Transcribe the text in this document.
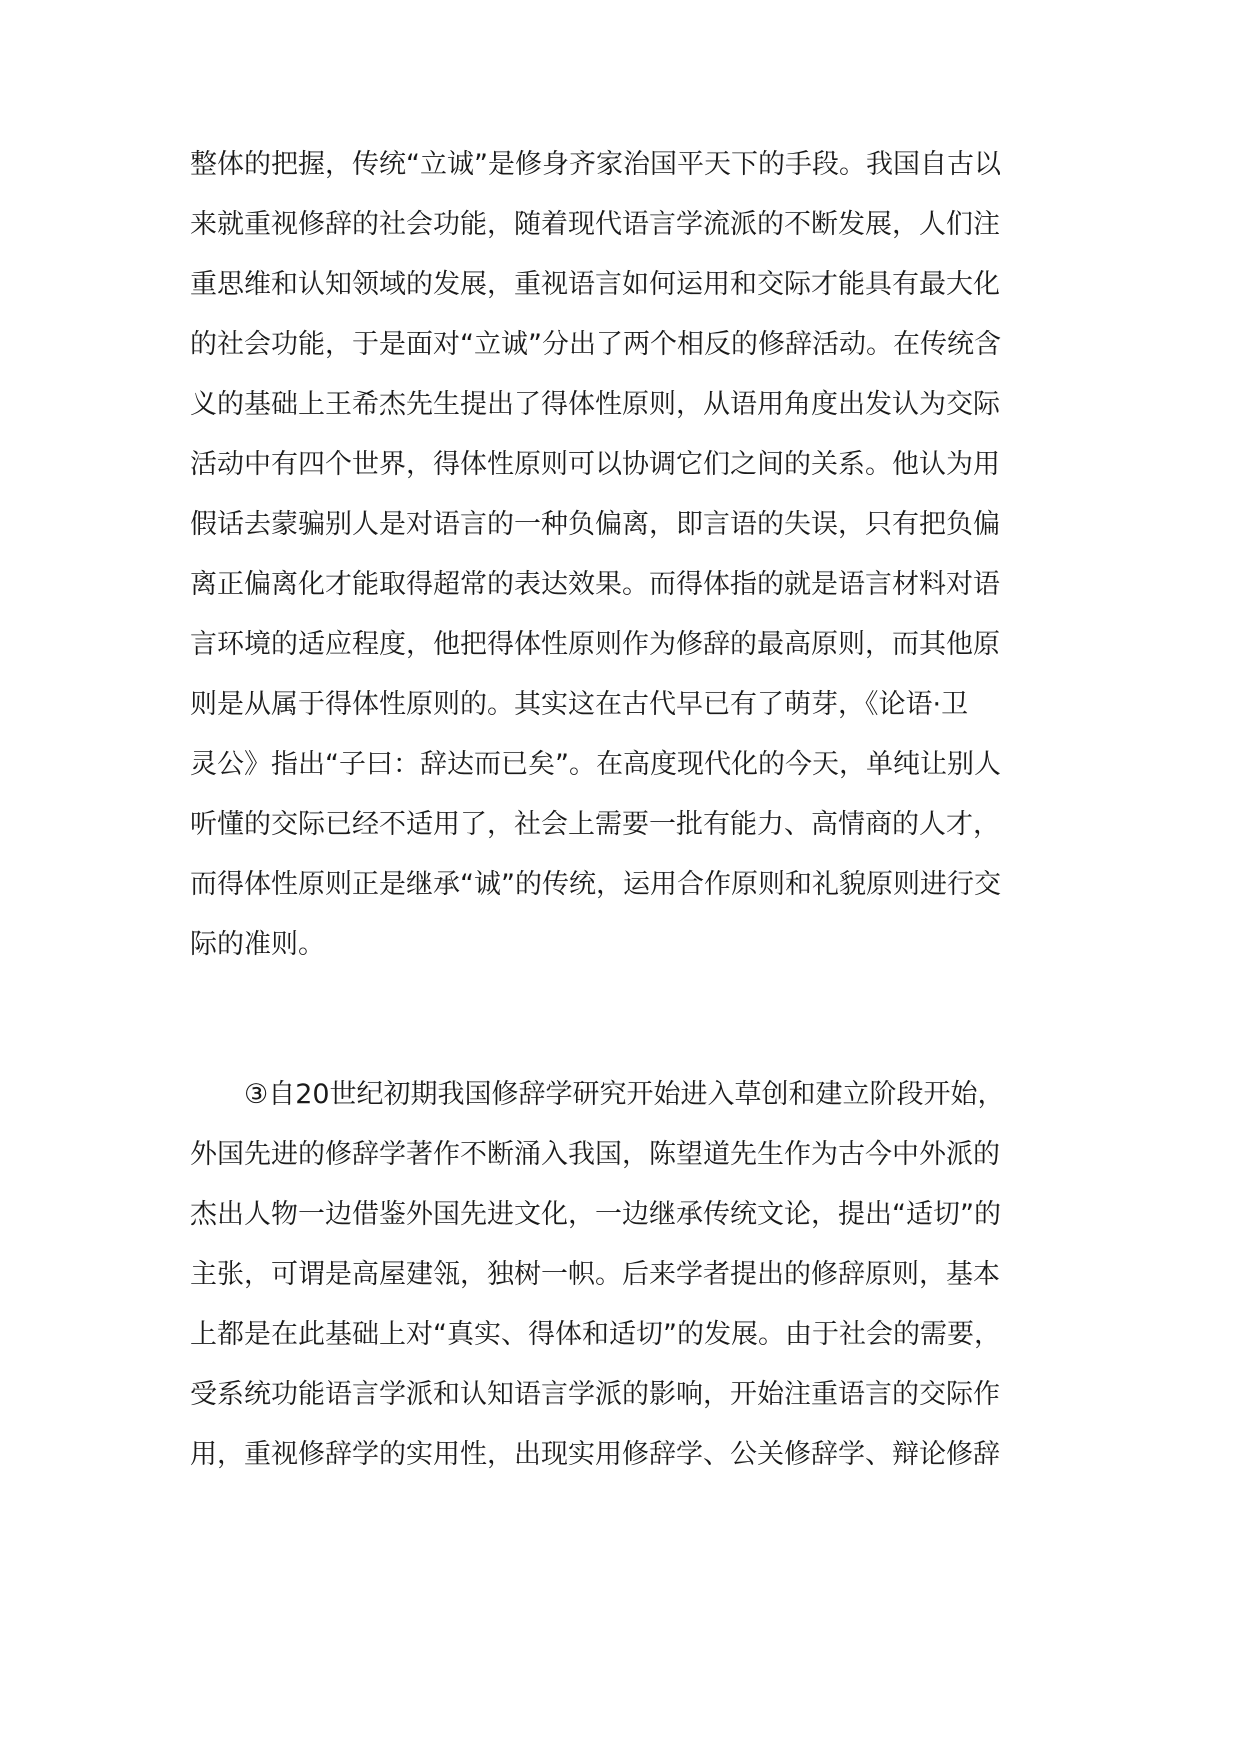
整体的把握，传统“立诚”是修身齐家治国平天下的手段。我国自古以
来就重视修辞的社会功能，随着现代语言学流派的不断发展，人们注
重思维和认知领域的发展，重视语言如何运用和交际才能具有最大化
的社会功能，于是面对“立诚”分出了两个相反的修辞活动。在传统含
义的基础上王希杰先生提出了得体性原则，从语用角度出发认为交际
活动中有四个世界，得体性原则可以协调它们之间的关系。他认为用
假话去蒙骗别人是对语言的一种负偏离，即言语的失误，只有把负偏
离正偏离化才能取得超常的表达效果。而得体指的就是语言材料对语
言环境的适应程度，他把得体性原则作为修辞的最高原则，而其他原
则是从属于得体性原则的。其实这在古代早已有了萌芽，《论语·卫
灵公》指出“子曰：辞达而已矣”。在高度现代化的今天，单纯让别人
听懂的交际已经不适用了，社会上需要一批有能力、高情商的人才，
而得体性原则正是继承“诚”的传统，运用合作原则和礼貌原则进行交
际的准则。
③自20世纪初期我国修辞学研究开始进入草创和建立阶段开始，
外国先进的修辞学著作不断涌入我国，陈望道先生作为古今中外派的
杰出人物一边借鉴外国先进文化，一边继承传统文论，提出“适切”的
主张，可谓是高屋建瓴，独树一帜。后来学者提出的修辞原则，基本
上都是在此基础上对“真实、得体和适切”的发展。由于社会的需要，
受系统功能语言学派和认知语言学派的影响，开始注重语言的交际作
用，重视修辞学的实用性，出现实用修辞学、公关修辞学、辩论修辞
